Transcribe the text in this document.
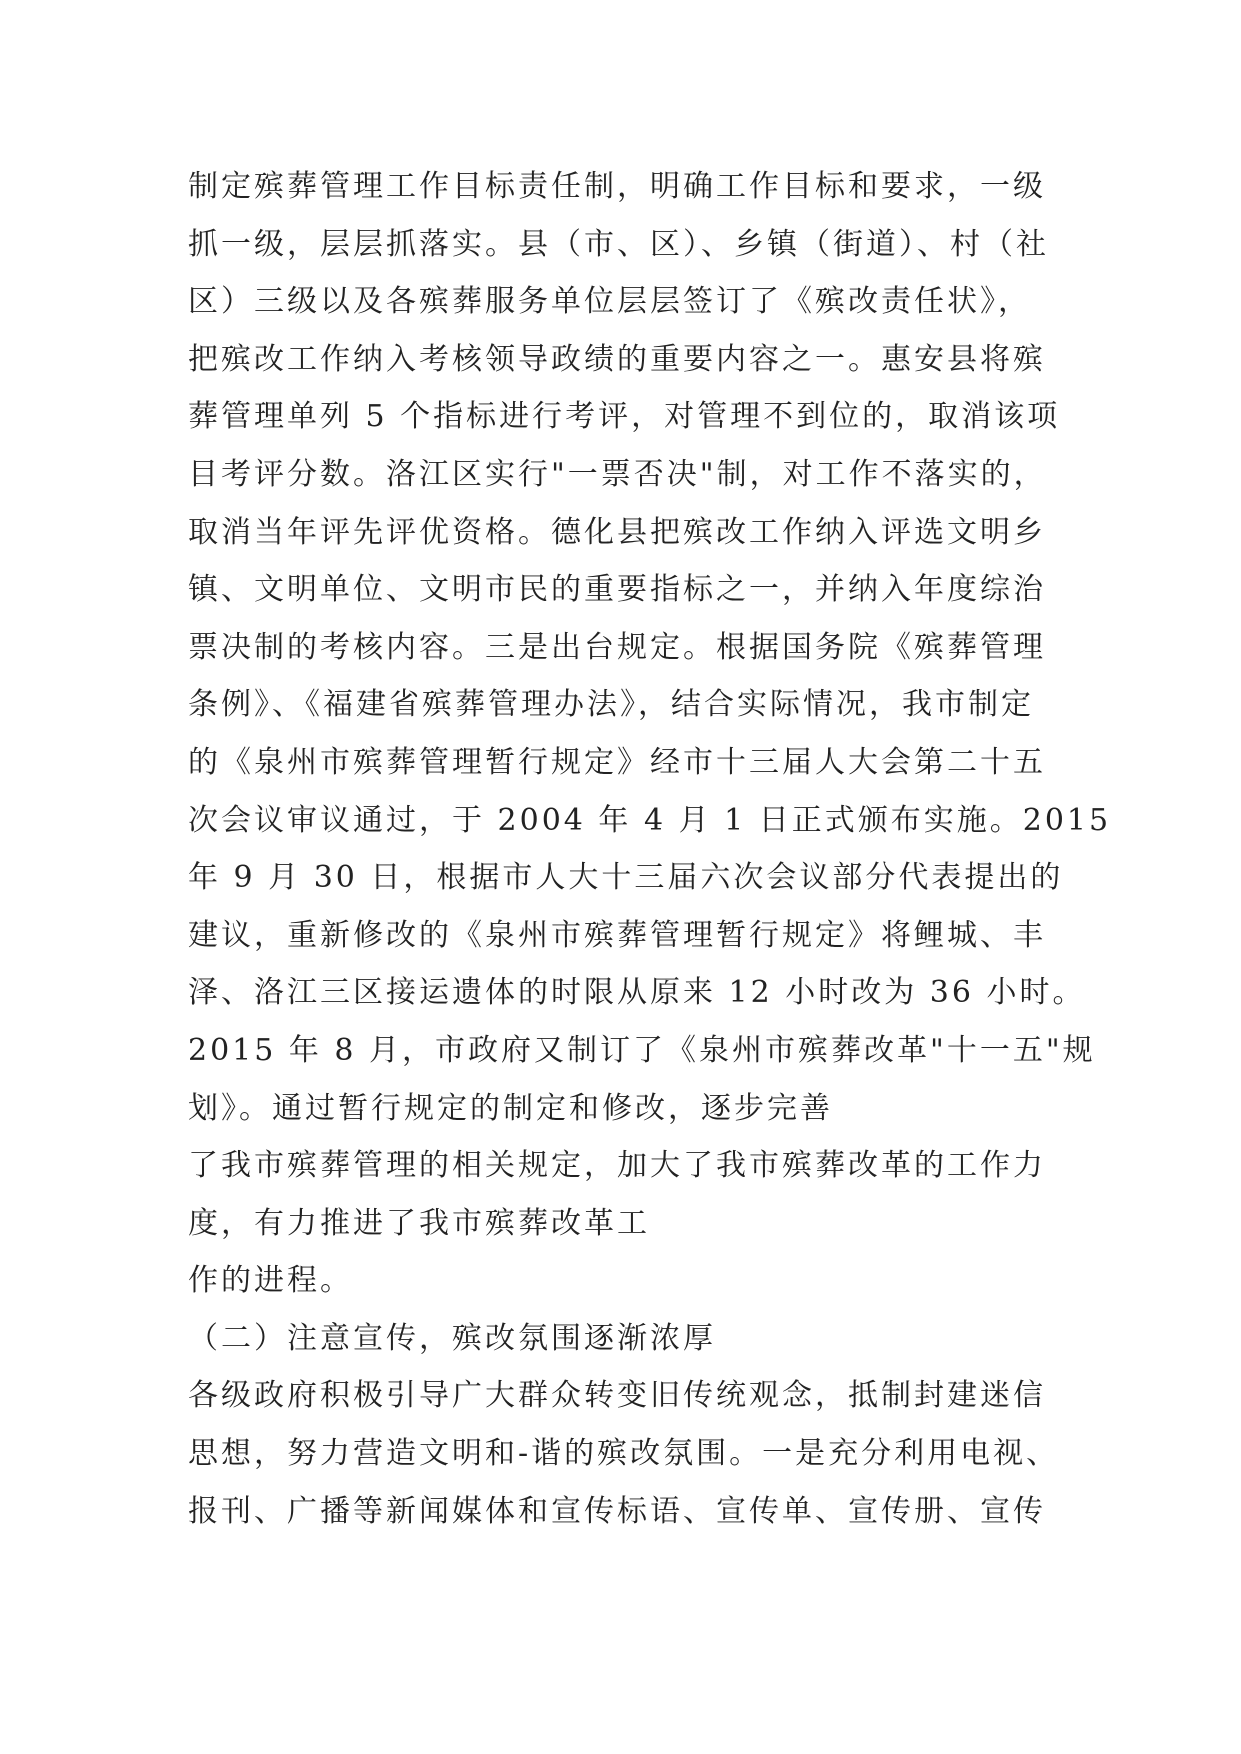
制定殡葬管理工作目标责任制，明确工作目标和要求，一级
抓一级，层层抓落实。县（市、区）、乡镇（街道）、村（社
区）三级以及各殡葬服务单位层层签订了《殡改责任状》，
把殡改工作纳入考核领导政绩的重要内容之一。惠安县将殡
葬管理单列 5 个指标进行考评，对管理不到位的，取消该项
目考评分数。洛江区实行"一票否决"制，对工作不落实的，
取消当年评先评优资格。德化县把殡改工作纳入评选文明乡
镇、文明单位、文明市民的重要指标之一，并纳入年度综治
票决制的考核内容。三是出台规定。根据国务院《殡葬管理
条例》、《福建省殡葬管理办法》，结合实际情况，我市制定
的《泉州市殡葬管理暂行规定》经市十三届人大会第二十五
次会议审议通过，于 2004 年 4 月 1 日正式颁布实施。2015
年 9 月 30 日，根据市人大十三届六次会议部分代表提出的
建议，重新修改的《泉州市殡葬管理暂行规定》将鲤城、丰
泽、洛江三区接运遗体的时限从原来 12 小时改为 36 小时。
2015 年 8 月，市政府又制订了《泉州市殡葬改革"十一五"规
划》。通过暂行规定的制定和修改，逐步完善
了我市殡葬管理的相关规定，加大了我市殡葬改革的工作力
度，有力推进了我市殡葬改革工
作的进程。
（二）注意宣传，殡改氛围逐渐浓厚
各级政府积极引导广大群众转变旧传统观念，抵制封建迷信
思想，努力营造文明和-谐的殡改氛围。一是充分利用电视、
报刊、广播等新闻媒体和宣传标语、宣传单、宣传册、宣传
